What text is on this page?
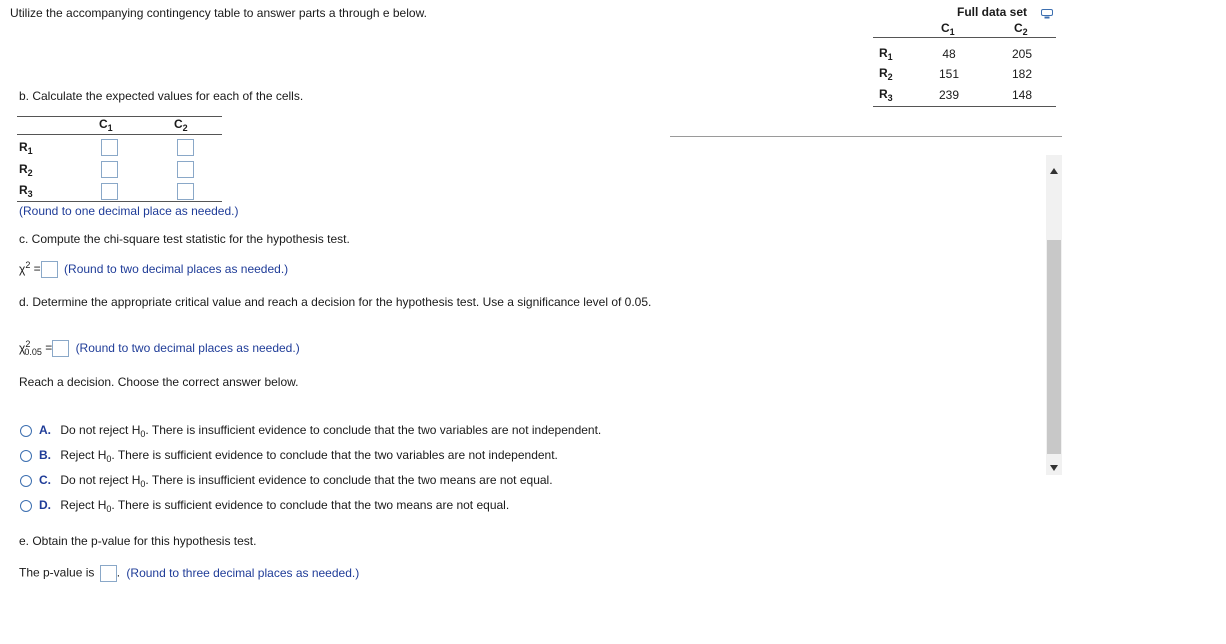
Utilize the accompanying contingency table to answer parts a through e below.	Full data set
$C_1$	$C_2$
$R_1$	48	205
$R_2$	151	182
$R_3$	239	148
b. Calculate the expected values for each of the cells.
$C_1$	$C_2$
$R_1$
$R_2$
$R_3$
(Round to one decimal place as needed.)
c. Compute the chi-square test statistic for the hypothesis test.
$\chi^2$ = (Round to two decimal places as needed.)
d. Determine the appropriate critical value and reach a decision for the hypothesis test. Use a significance level of 0.05.
$\chi^2_{0.05}$ = (Round to two decimal places as needed.)
Reach a decision. Choose the correct answer below.
A. Do not reject $H_0$. There is insufficient evidence to conclude that the two variables are not independent.
B. Reject $H_0$. There is sufficient evidence to conclude that the two variables are not independent.
C. Do not reject $H_0$. There is insufficient evidence to conclude that the two means are not equal.
D. Reject $H_0$. There is sufficient evidence to conclude that the two means are not equal.
e. Obtain the p-value for this hypothesis test.
The p-value is . (Round to three decimal places as needed.)
